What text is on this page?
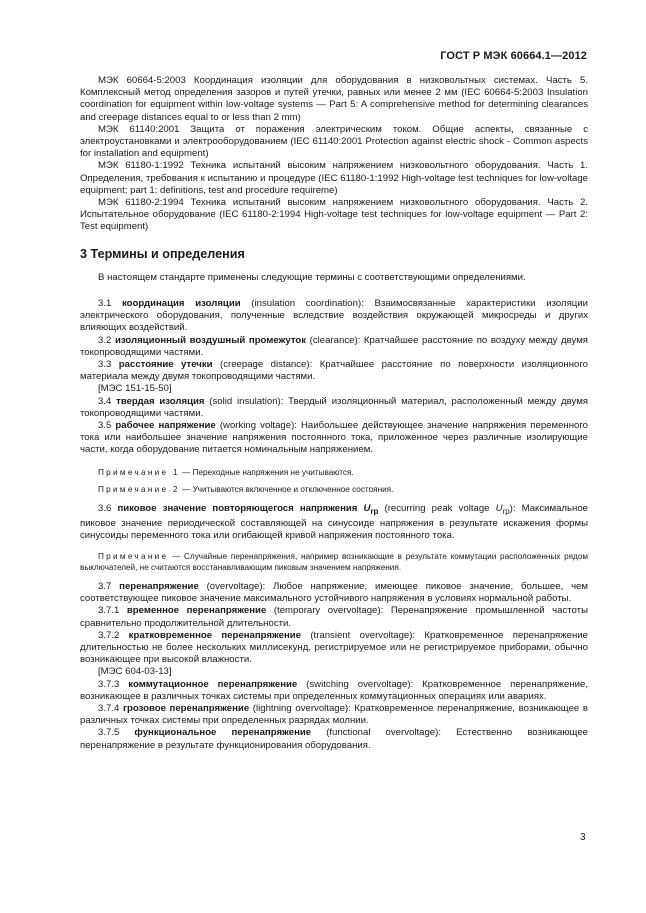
ГОСТ Р МЭК 60664.1—2012

МЭК 60664-5:2003 Координация изоляции для оборудования в низковольтных системах. Часть 5. Комплексный метод определения зазоров и путей утечки, равных или менее 2 мм (IEC 60664-5:2003 Insulation coordination for equipment within low-voltage systems — Part 5: A comprehensive method for determining clearances and creepage distances equal to or less than 2 mm)

МЭК 61140:2001 Защита от поражения электрическим током. Общие аспекты, связанные с электроустановками и электрооборудованием (IEC 61140:2001 Protection against electric shock - Common aspects for installation and equipment)

МЭК 61180-1:1992 Техника испытаний высоким напряжением низковольтного оборудования. Часть 1. Определения, требования к испытанию и процедуре (IEC 61180-1:1992 High-voltage test techniques for low-voltage equipment; part 1: definitions, test and procedure requireme)

МЭК 61180-2:1994 Техника испытаний высоким напряжением низковольтного оборудования. Часть 2. Испытательное оборудование (IEC 61180-2:1994 High-voltage test techniques for low-voltage equipment — Part 2: Test equipment)

3 Термины и определения

В настоящем стандарте применены следующие термины с соответствующими определениями.

3.1 координация изоляции (insulation coordination): Взаимосвязанные характеристики изоляции электрического оборудования, полученные вследствие воздействия окружающей микросреды и других влияющих воздействий.

3.2 изоляционный воздушный промежуток (clearance): Кратчайшее расстояние по воздуху между двумя токопроводящими частями.

3.3 расстояние утечки (creepage distance): Кратчайшее расстояние по поверхности изоляционного материала между двумя токопроводящими частями.

[МЭС 151-15-50]

3.4 твердая изоляция (solid insulation): Твердый изоляционный материал, расположенный между двумя токопроводящими частями.

3.5 рабочее напряжение (working voltage): Наибольшее действующее значение напряжения переменного тока или наибольшее значение напряжения постоянного тока, приложенное через различные изолирующие части, когда оборудование питается номинальным напряжением.

Примечание 1 — Переходные напряжения не учитываются.

Примечание 2 — Учитываются включенное и отключенное состояния.

3.6 пиковое значение повторяющегося напряжения $U_{rp}$ (recurring peak voltage $U_{rp}$): Максимальное пиковое значение периодической составляющей на синусоиде напряжения в результате искажения формы синусоиды переменного тока или огибающей кривой напряжения постоянного тока.

Примечание — Случайные перенапряжения, например возникающие в результате коммутации расположенных рядом выключателей, не считаются восстанавливающим пиковым значением напряжения.

3.7 перенапряжение (overvoltage): Любое напряжение, имеющее пиковое значение, большее, чем соответствующее пиковое значение максимального устойчивого напряжения в условиях нормальной работы.

3.7.1 временное перенапряжение (temporary overvoltage): Перенапряжение промышленной частоты сравнительно продолжительной длительности.

3.7.2 кратковременное перенапряжение (transient overvoltage): Кратковременное перенапряжение длительностью не более нескольких миллисекунд, регистрируемое или не регистрируемое приборами, обычно возникающее при высокой влажности.

[МЭС 604-03-13]

3.7.3 коммутационное перенапряжение (switching overvoltage): Кратковременное перенапряжение, возникающее в различных точках системы при определенных коммутационных операциях или авариях.

3.7.4 грозовое перенапряжение (lightning overvoltage): Кратковременное перенапряжение, возникающее в различных точках системы при определенных разрядах молнии.

3.7.5 функциональное перенапряжение (functional overvoltage): Естественно возникающее перенапряжение в результате функционирования оборудования.

3
